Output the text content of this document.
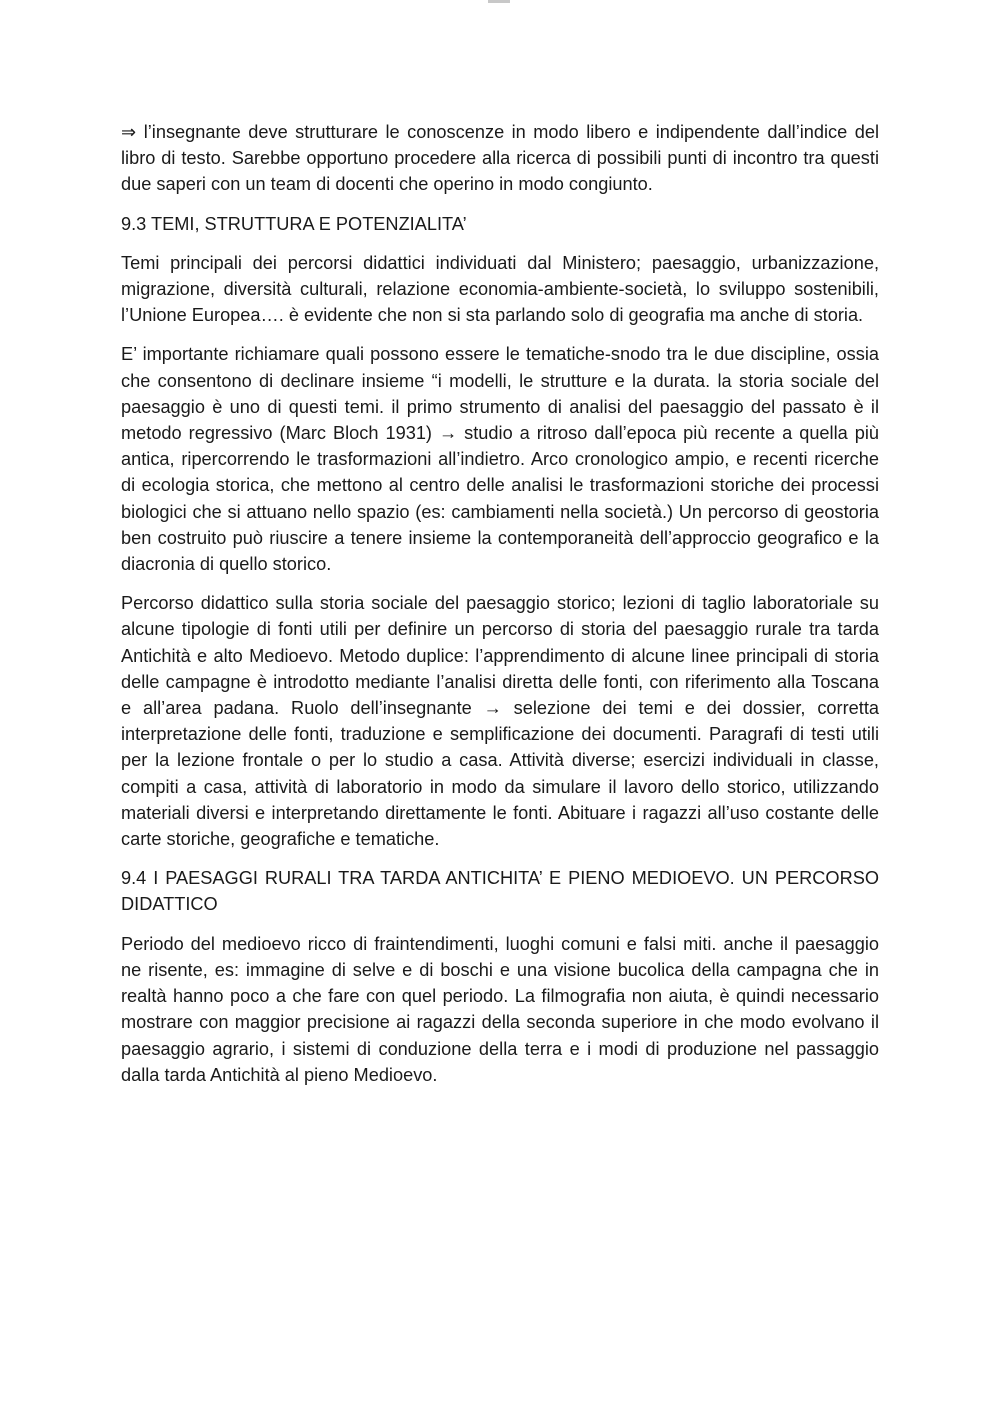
⇒ l’insegnante deve strutturare le conoscenze in modo libero e indipendente dall’indice del libro di testo. Sarebbe opportuno procedere alla ricerca di possibili punti di incontro tra questi due saperi con un team di docenti che operino in modo congiunto.

9.3 TEMI, STRUTTURA E POTENZIALITA’

Temi principali dei percorsi didattici individuati dal Ministero; paesaggio, urbanizzazione, migrazione, diversità culturali, relazione economia-ambiente-società, lo sviluppo sostenibili, l’Unione Europea…. è evidente che non si sta parlando solo di geografia ma anche di storia.

E’ importante richiamare quali possono essere le tematiche-snodo tra le due discipline, ossia che consentono di declinare insieme “i modelli, le strutture e la durata. la storia sociale del paesaggio è uno di questi temi. il primo strumento di analisi del paesaggio del passato è il metodo regressivo (Marc Bloch 1931) → studio a ritroso dall’epoca più recente a quella più antica, ripercorrendo le trasformazioni all’indietro. Arco cronologico ampio, e recenti ricerche di ecologia storica, che mettono al centro delle analisi le trasformazioni storiche dei processi biologici che si attuano nello spazio (es: cambiamenti nella società.) Un percorso di geostoria ben costruito può riuscire a tenere insieme la contemporaneità dell’approccio geografico e la diacronia di quello storico.

Percorso didattico sulla storia sociale del paesaggio storico; lezioni di taglio laboratoriale su alcune tipologie di fonti utili per definire un percorso di storia del paesaggio rurale tra tarda Antichità e alto Medioevo. Metodo duplice: l’apprendimento di alcune linee principali di storia delle campagne è introdotto mediante l’analisi diretta delle fonti, con riferimento alla Toscana e all’area padana. Ruolo dell’insegnante → selezione dei temi e dei dossier, corretta interpretazione delle fonti, traduzione e semplificazione dei documenti. Paragrafi di testi utili per la lezione frontale o per lo studio a casa. Attività diverse; esercizi individuali in classe, compiti a casa, attività di laboratorio in modo da simulare il lavoro dello storico, utilizzando materiali diversi e interpretando direttamente le fonti. Abituare i ragazzi all’uso costante delle carte storiche, geografiche e tematiche.

9.4 I PAESAGGI RURALI TRA TARDA ANTICHITA’ E PIENO MEDIOEVO. UN PERCORSO DIDATTICO

Periodo del medioevo ricco di fraintendimenti, luoghi comuni e falsi miti. anche il paesaggio ne risente, es: immagine di selve e di boschi e una visione bucolica della campagna che in realtà hanno poco a che fare con quel periodo. La filmografia non aiuta, è quindi necessario mostrare con maggior precisione ai ragazzi della seconda superiore in che modo evolvano il paesaggio agrario, i sistemi di conduzione della terra e i modi di produzione nel passaggio dalla tarda Antichità al pieno Medioevo.
